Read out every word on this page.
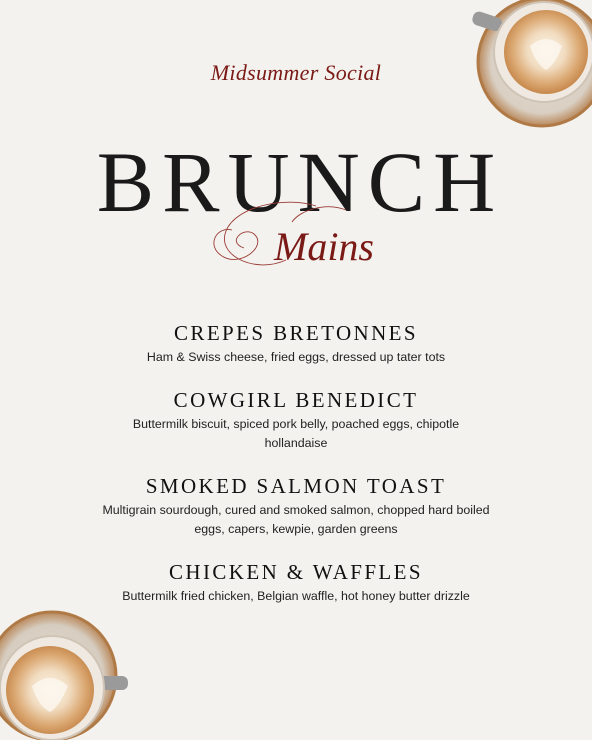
Midsummer Social
BRUNCH
Mains
CREPES BRETONNES
Ham & Swiss cheese, fried eggs, dressed up tater tots
COWGIRL BENEDICT
Buttermilk biscuit, spiced pork belly, poached eggs, chipotle hollandaise
SMOKED SALMON TOAST
Multigrain sourdough, cured and smoked salmon, chopped hard boiled eggs, capers, kewpie, garden greens
CHICKEN & WAFFLES
Buttermilk fried chicken, Belgian waffle, hot honey butter drizzle
